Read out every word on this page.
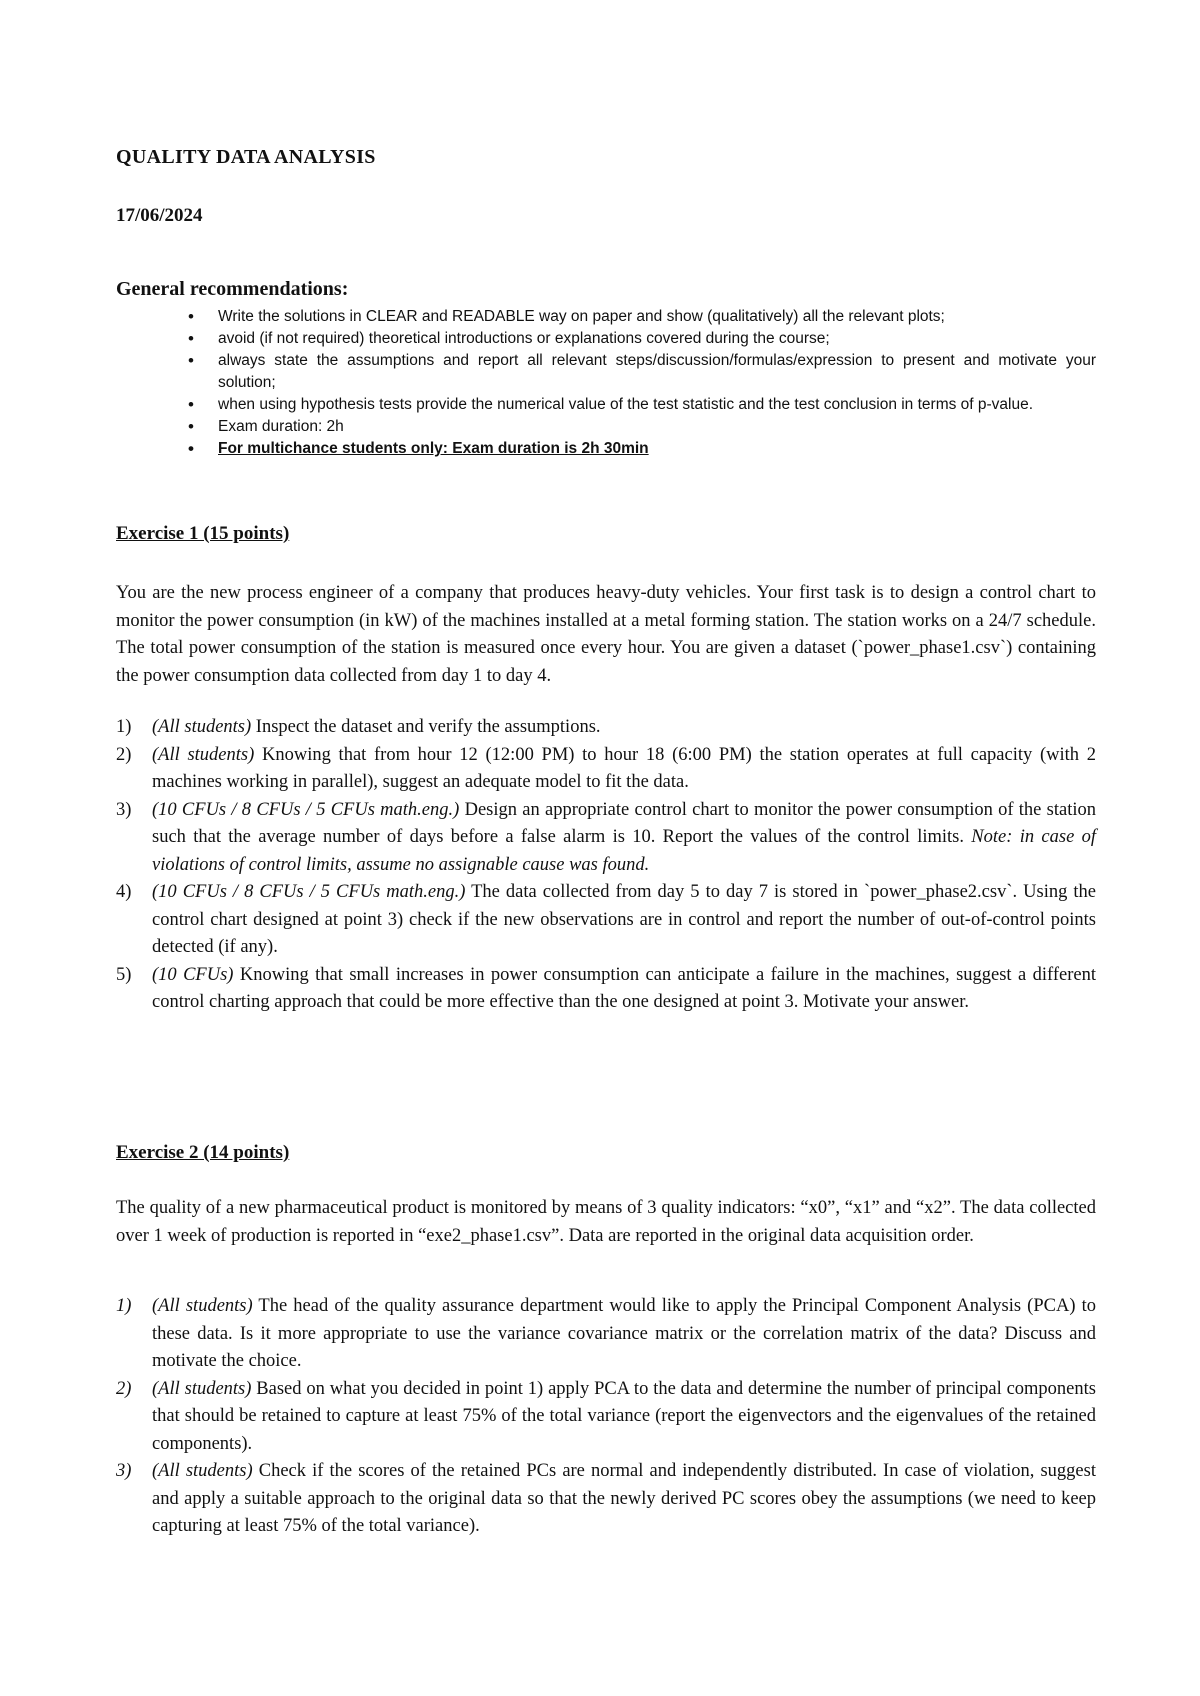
QUALITY DATA ANALYSIS
17/06/2024
General recommendations:
• Write the solutions in CLEAR and READABLE way on paper and show (qualitatively) all the relevant plots;
• avoid (if not required) theoretical introductions or explanations covered during the course;
• always state the assumptions and report all relevant steps/discussion/formulas/expression to present and motivate your solution;
• when using hypothesis tests provide the numerical value of the test statistic and the test conclusion in terms of p-value.
• Exam duration: 2h
• For multichance students only: Exam duration is 2h 30min
Exercise 1 (15 points)
You are the new process engineer of a company that produces heavy-duty vehicles. Your first task is to design a control chart to monitor the power consumption (in kW) of the machines installed at a metal forming station. The station works on a 24/7 schedule. The total power consumption of the station is measured once every hour. You are given a dataset (`power_phase1.csv`) containing the power consumption data collected from day 1 to day 4.
1) (All students) Inspect the dataset and verify the assumptions.
2) (All students) Knowing that from hour 12 (12:00 PM) to hour 18 (6:00 PM) the station operates at full capacity (with 2 machines working in parallel), suggest an adequate model to fit the data.
3) (10 CFUs / 8 CFUs / 5 CFUs math.eng.) Design an appropriate control chart to monitor the power consumption of the station such that the average number of days before a false alarm is 10. Report the values of the control limits. Note: in case of violations of control limits, assume no assignable cause was found.
4) (10 CFUs / 8 CFUs / 5 CFUs math.eng.) The data collected from day 5 to day 7 is stored in `power_phase2.csv`. Using the control chart designed at point 3) check if the new observations are in control and report the number of out-of-control points detected (if any).
5) (10 CFUs) Knowing that small increases in power consumption can anticipate a failure in the machines, suggest a different control charting approach that could be more effective than the one designed at point 3. Motivate your answer.
Exercise 2 (14 points)
The quality of a new pharmaceutical product is monitored by means of 3 quality indicators: “x0”, “x1” and “x2”. The data collected over 1 week of production is reported in “exe2_phase1.csv”. Data are reported in the original data acquisition order.
1) (All students) The head of the quality assurance department would like to apply the Principal Component Analysis (PCA) to these data. Is it more appropriate to use the variance covariance matrix or the correlation matrix of the data? Discuss and motivate the choice.
2) (All students) Based on what you decided in point 1) apply PCA to the data and determine the number of principal components that should be retained to capture at least 75% of the total variance (report the eigenvectors and the eigenvalues of the retained components).
3) (All students) Check if the scores of the retained PCs are normal and independently distributed. In case of violation, suggest and apply a suitable approach to the original data so that the newly derived PC scores obey the assumptions (we need to keep capturing at least 75% of the total variance).
